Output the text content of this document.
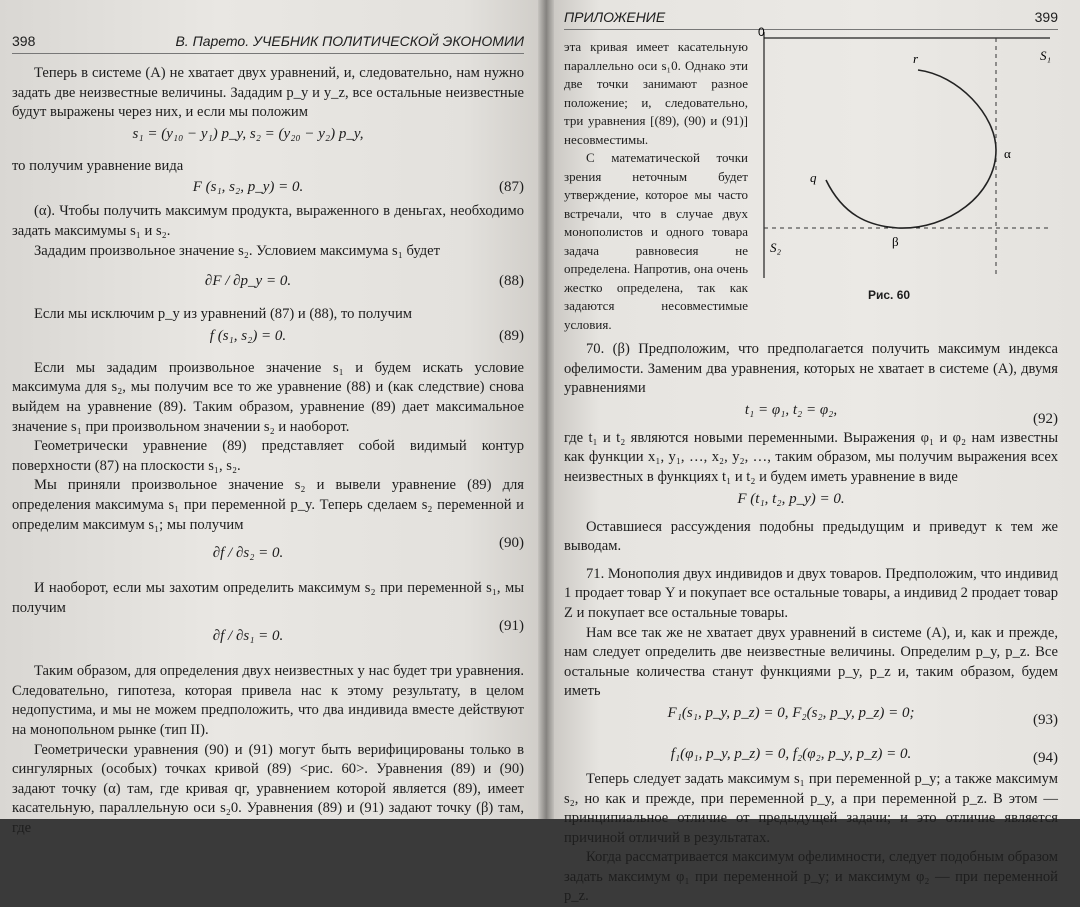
398	В. Парето. УЧЕБНИК ПОЛИТИЧЕСКОЙ ЭКОНОМИИ

Теперь в системе (A) не хватает двух уравнений, и, следовательно, нам нужно задать две неизвестные величины. Зададим p_y и y_z, все остальные неизвестные будут выражены через них, и если мы положим

s₁ = (y₁₀ − y₁) p_y, s₂ = (y₂₀ − y₂) p_y,

то получим уравнение вида

F (s₁, s₂, p_y) = 0.	(87)

(α). Чтобы получить максимум продукта, выраженного в деньгах, необходимо задать максимумы s₁ и s₂.

Зададим произвольное значение s₂. Условием максимума s₁ будет

∂F / ∂p_y = 0.	(88)

Если мы исключим p_y из уравнений (87) и (88), то получим

f (s₁, s₂) = 0.	(89)

Если мы зададим произвольное значение s₁ и будем искать условие максимума для s₂, мы получим все то же уравнение (88) и (как следствие) снова выйдем на уравнение (89). Таким образом, уравнение (89) дает максимальное значение s₁ при произвольном значении s₂ и наоборот.

Геометрически уравнение (89) представляет собой видимый контур поверхности (87) на плоскости s₁, s₂.

Мы приняли произвольное значение s₂ и вывели уравнение (89) для определения максимума s₁ при переменной p_y. Теперь сделаем s₂ переменной и определим максимум s₁; мы получим

∂f / ∂s₂ = 0.
(90)

И наоборот, если мы захотим определить максимум s₂ при переменной s₁, мы получим

∂f / ∂s₁ = 0.
(91)

Таким образом, для определения двух неизвестных у нас будет три уравнения. Следовательно, гипотеза, которая привела нас к этому результату, в целом недопустима, и мы не можем предположить, что два индивида вместе действуют на монопольном рынке (тип II).

Геометрически уравнения (90) и (91) могут быть верифицированы только в сингулярных (особых) точках кривой (89) <рис. 60>. Уравнения (89) и (90) задают точку (α) там, где кривая qr, уравнением которой является (89), имеет касательную, параллельную оси s₂0. Уравнения (89) и (91) задают точку (β) там, где

ПРИЛОЖЕНИЕ	399
0
S₁
S₂
r
q
α
β
Рис. 60

эта кривая имеет касательную параллельно оси s₁0. Однако эти две точки занимают разное положение; и, следовательно, три уравнения [(89), (90) и (91)] несовместимы.

С математической точки зрения неточным будет утверждение, которое мы часто встречали, что в случае двух монополистов и одного товара задача равновесия не определена. Напротив, она очень жестко определена, так как задаются несовместимые условия.

70. (β) Предположим, что предполагается получить максимум индекса офелимости. Заменим два уравнения, которых не хватает в системе (A), двумя уравнениями

t₁ = φ₁, t₂ = φ₂,
(92)

где t₁ и t₂ являются новыми переменными. Выражения φ₁ и φ₂ нам известны как функции x₁, y₁, …, x₂, y₂, …, таким образом, мы получим выражения всех неизвестных в функциях t₁ и t₂ и будем иметь уравнение в виде

F (t₁, t₂, p_y) = 0.

Оставшиеся рассуждения подобны предыдущим и приведут к тем же выводам.

71. Монополия двух индивидов и двух товаров. Предположим, что индивид 1 продает товар Y и покупает все остальные товары, а индивид 2 продает товар Z и покупает все остальные товары.

Нам все так же не хватает двух уравнений в системе (A), и, как и прежде, нам следует определить две неизвестные величины. Определим p_y, p_z. Все остальные количества станут функциями p_y, p_z и, таким образом, будем иметь

F₁(s₁, p_y, p_z) = 0, F₂(s₂, p_y, p_z) = 0;	(93)
f₁(φ₁, p_y, p_z) = 0, f₂(φ₂, p_y, p_z) = 0.	(94)

Теперь следует задать максимум s₁ при переменной p_y; а также максимум s₂, но как и прежде, при переменной p_y, а при переменной p_z. В этом — принципиальное отличие от предыдущей задачи; и это отличие является причиной отличий в результатах.

Когда рассматривается максимум офелимности, следует подобным образом задать максимум φ₁ при переменной p_y; и максимум φ₂ — при переменной p_z.
